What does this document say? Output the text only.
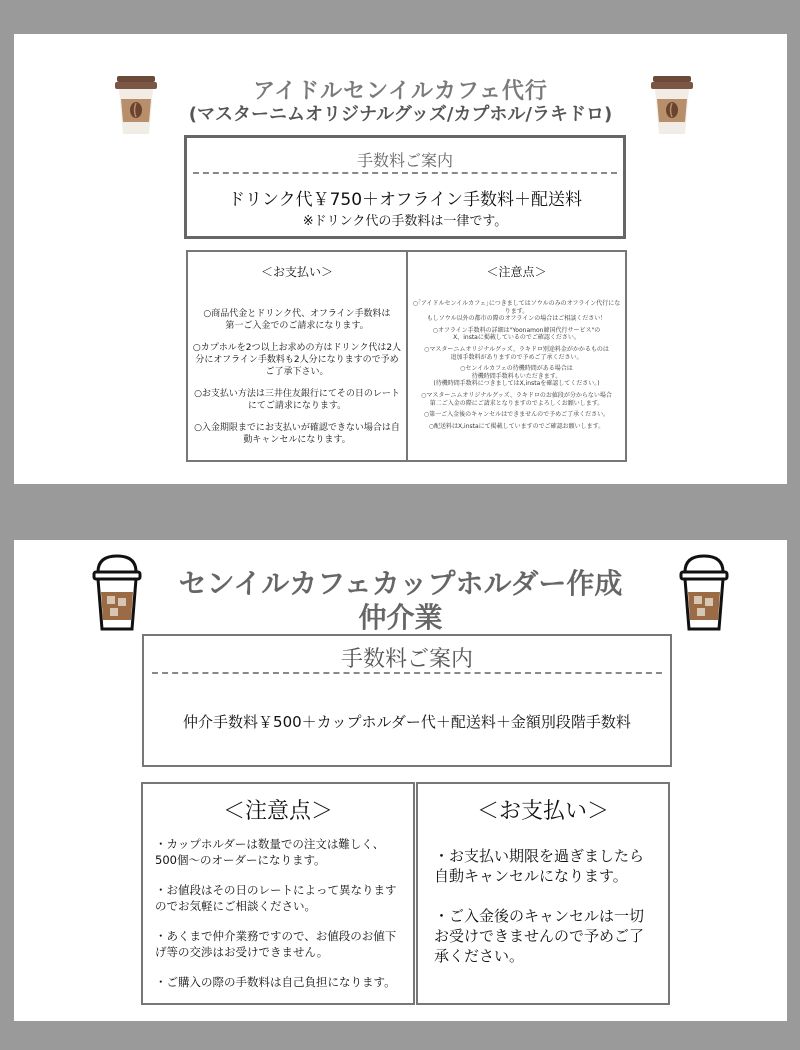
アイドルセンイルカフェ代行
(マスターニムオリジナルグッズ/カプホル/ラキドロ)
手数料ご案内
ドリンク代￥750＋オフライン手数料＋配送料
※ドリンク代の手数料は一律です。
＜お支払い＞

○商品代金とドリンク代、オフライン手数料は
第一ご入金でのご請求になります。

○カプホルを2つ以上お求めの方はドリンク代は2人分にオフライン手数料も2人分になりますので予めご了承下さい。

○お支払い方法は三井住友銀行にてその日のレートにてご請求になります。

○入金期限までにお支払いが確認できない場合は自動キャンセルになります。

＜注意点＞

○｢アイドルセンイルカフェ｣につきましてはソウルのみのオフライン代行になります。
もしソウル以外の都市の際のオフラインの場合はご相談ください！

○オフライン手数料の詳細は"Yoonamon韓国代行サービス"の
X、instaに掲載しているのでご確認ください。

○マスターニムオリジナルグッズ、ラキドロ別途料金がかかるものは
追加手数料がありますので予めご了承ください。

○センイルカフェの待機時間がある場合は
待機時間手数料もいただきます。
(待機時間手数料につきましてはX,instaを確認してください。)

○マスターニムオリジナルグッズ、ラキドロのお値段が分からない場合
第二ご入金の際にご請求となりますのでよろしくお願いします。

○第一ご入金後のキャンセルはできませんので予めご了承ください。

○配送料はX,instaにて掲載していますのでご確認お願いします。

センイルカフェカップホルダー作成
仲介業
手数料ご案内
仲介手数料￥500＋カップホルダー代＋配送料＋金額別段階手数料
＜注意点＞

・カップホルダーは数量での注文は難しく、
500個〜のオーダーになります。

・お値段はその日のレートによって異なりますのでお気軽にご相談ください。

・あくまで仲介業務ですので、お値段のお値下げ等の交渉はお受けできません。

・ご購入の際の手数料は自己負担になります。

＜お支払い＞

・お支払い期限を過ぎましたら自動キャンセルになります。

・ご入金後のキャンセルは一切お受けできませんので予めご了承ください。
